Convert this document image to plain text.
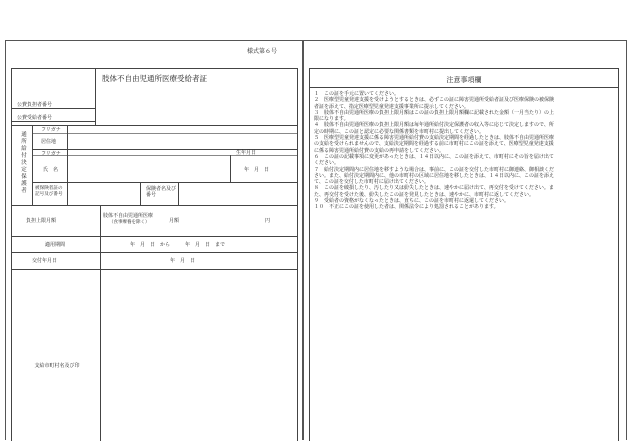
様式第６号
肢体不自由児通所医療受給者証
公費負担者番号
公費受給者番号
通所給付決定保護者
フリガナ
居住地
フリガナ	生年月日
氏　名	年　月　日
被保険者証の記号及び番号
保険者名及び番号
負担上限月額
肢体不自由児通所医療
（食事療養を除く）	月額	円
適用期間	年　月　日　から　　　年　月　日　まで
交付年月日	年　月　日
支給市町村名及び印
注意事項欄

１　この証を手元に置いてください。

２　医療型児童発達支援を受けようとするときは、必ずこの証に障害児通所受給者証及び医療保険の被保険者証を添えて、指定医療型児童発達支援事業所に提示してください。

３　肢体不自由児通所医療の負担上限月額はこの証の負担上限月額欄に記載された金額（一月当たり）の上限になります。

４　肢体不自由児通所医療の負担上限月額は毎年通所給付決定保護者の収入等に応じて決定しますので、所定の時期に、この証と認定に必要な関係書類を市町村に提出してください。

５　医療型児童発達支援に係る障害児通所給付費の支給決定期間を経過したときは、肢体不自由児通所医療の支給を受けられませんので、支給決定期間を経過する前に市町村にこの証を添えて、医療型児童発達支援に係る障害児通所給付費の支給の再申請をしてください。

６　この証の記載事項に変更があったときは、１４日以内に、この証を添えて、市町村にその旨を届け出てください。

７　給付決定期間内に居住地を移すような場合は、事前に、この証を交付した市町村に御連絡、御相談ください。また、給付決定期間内に、他の市町村の区域に居住地を移したときは、１４日以内に、この証を添えて、この証を交付した市町村に届け出てください。

８　この証を破損したり、汚したり又は紛失したときは、速やかに届け出て、再交付を受けてください。また、再交付を受けた後、紛失したこの証を発見したときは、速やかに、市町村に返してください。

９　受給者の資格がなくなったときは、直ちに、この証を市町村に返還してください。

１０　不正にこの証を使用した者は、関係法令により処罰されることがあります。
